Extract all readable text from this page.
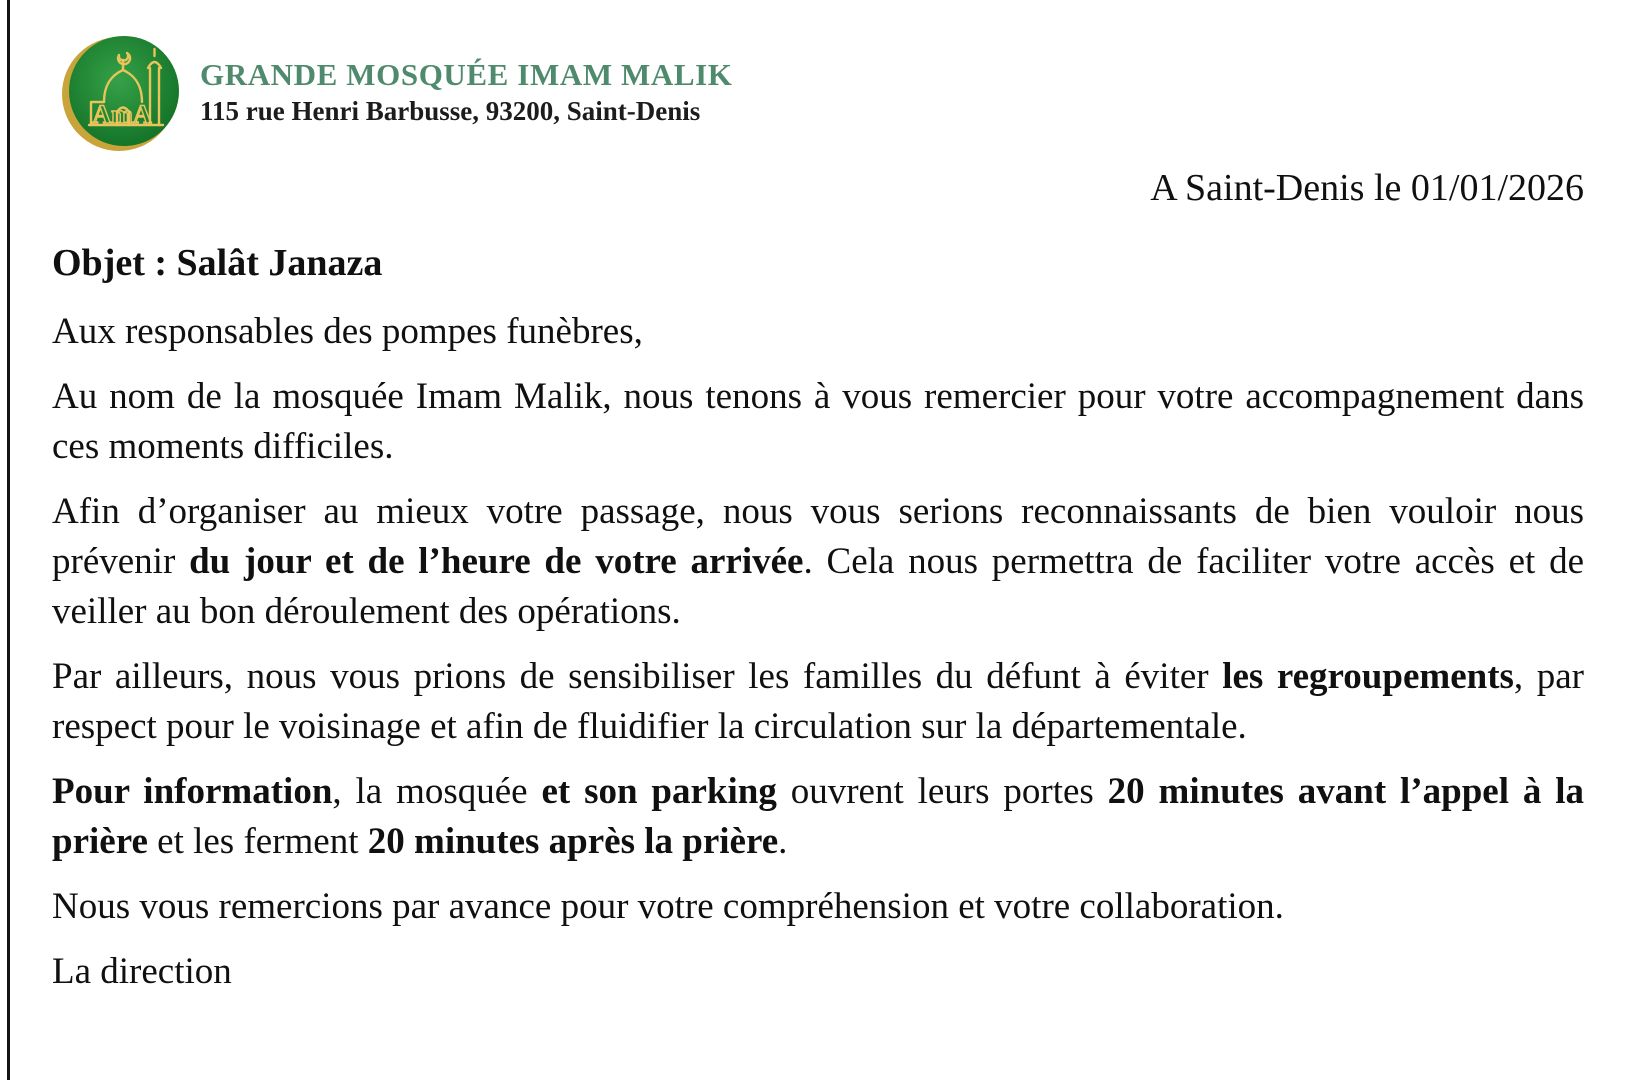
AmA
GRANDE MOSQUÉE IMAM MALIK
115 rue Henri Barbusse, 93200, Saint-Denis
A Saint-Denis le 01/01/2026
Objet : Salât Janaza

Aux responsables des pompes funèbres,

Au nom de la mosquée Imam Malik, nous tenons à vous remercier pour votre accompagnement dans ces moments difficiles.

Afin d’organiser au mieux votre passage, nous vous serions reconnaissants de bien vouloir nous prévenir du jour et de l’heure de votre arrivée. Cela nous permettra de faciliter votre accès et de veiller au bon déroulement des opérations.

Par ailleurs, nous vous prions de sensibiliser les familles du défunt à éviter les regroupements, par respect pour le voisinage et afin de fluidifier la circulation sur la départementale.

Pour information, la mosquée et son parking ouvrent leurs portes 20 minutes avant l’appel à la prière et les ferment 20 minutes après la prière.

Nous vous remercions par avance pour votre compréhension et votre collaboration.

La direction
